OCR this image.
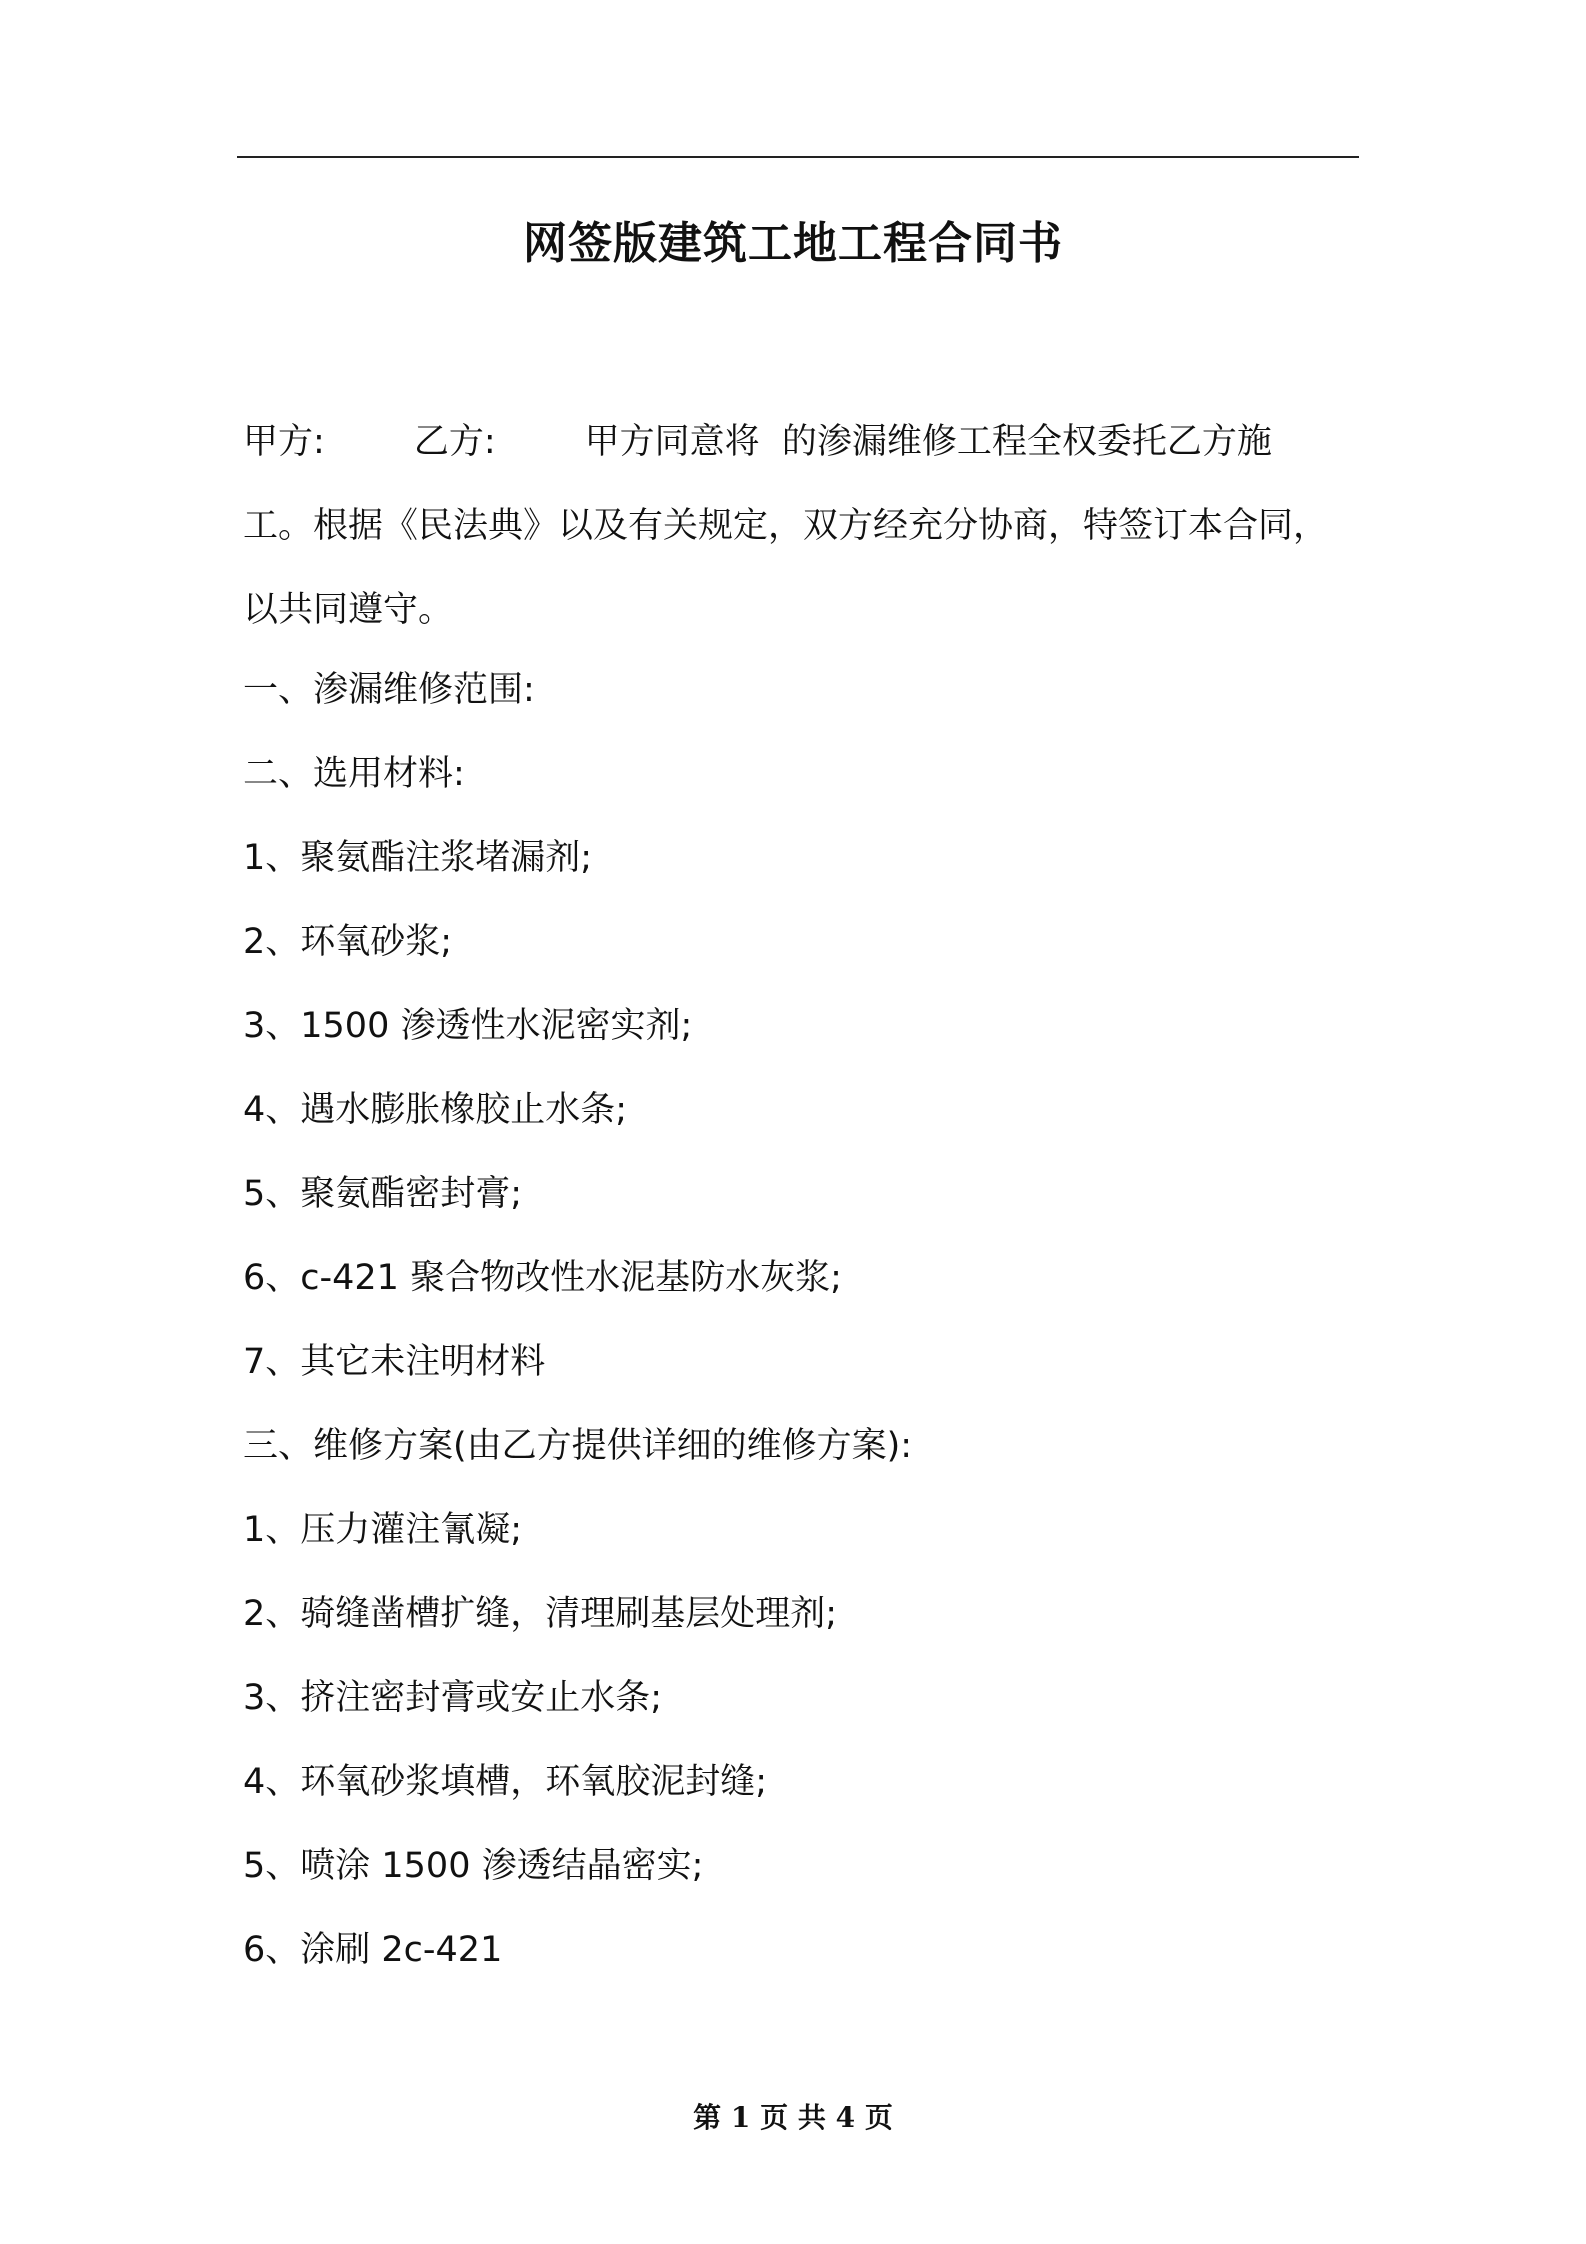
网签版建筑工地工程合同书
甲方:	乙方:	甲方同意将  的渗漏维修工程全权委托乙方施
工。根据《民法典》以及有关规定，双方经充分协商，特签订本合同，
以共同遵守。
一、渗漏维修范围:
二、选用材料:
1、聚氨酯注浆堵漏剂;
2、环氧砂浆;
3、1500 渗透性水泥密实剂;
4、遇水膨胀橡胶止水条;
5、聚氨酯密封膏;
6、c-421 聚合物改性水泥基防水灰浆;
7、其它未注明材料
三、维修方案(由乙方提供详细的维修方案):
1、压力灌注氰凝;
2、骑缝凿槽扩缝，清理刷基层处理剂;
3、挤注密封膏或安止水条;
4、环氧砂浆填槽，环氧胶泥封缝;
5、喷涂 1500 渗透结晶密实;
6、涂刷 2c-421
第 1 页 共 4 页
